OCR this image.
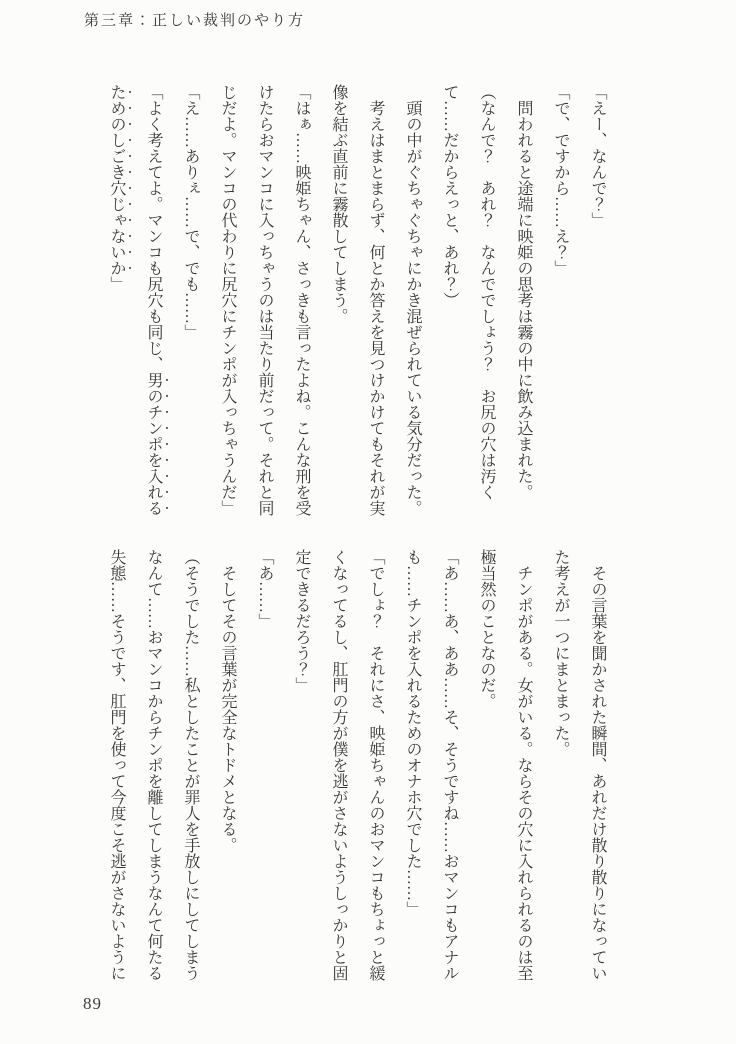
第三章：正しい裁判のやり方

「えー、なんで？」

「で、ですから……え？」

問われると途端に映姫の思考は霧の中に飲み込まれた。

（なんで？　あれ？　なんででしょう？　お尻の穴は汚くて……だからえっと、あれ？）

頭の中がぐちゃぐちゃにかき混ぜられている気分だった。

考えはまとまらず、何とか答えを見つけかけてもそれが実像を結ぶ直前に霧散してしまう。

「はぁ……映姫ちゃん、さっきも言ったよね。こんな刑を受けたらおマンコに入っちゃうのは当たり前だって。それと同じだよ。マンコの代わりに尻穴にチンポが入っちゃうんだ」

「え……ありぇ……で、でも……」

「よく考えてよ。マンコも尻穴も同じ、男のチンポを入れるためのしごき穴じゃないか」

その言葉を聞かされた瞬間、あれだけ散り散りになっていた考えが一つにまとまった。

チンポがある。女がいる。ならその穴に入れられるのは至極当然のことなのだ。

「あ……あ、ああ……そ、そうですね……おマンコもアナルも……チンポを入れるためのオナホ穴でした……」

「でしょ？　それにさ、映姫ちゃんのおマンコもちょっと緩くなってるし、肛門の方が僕を逃がさないようしっかりと固定できるだろう？」

「あ……」

そしてその言葉が完全なトドメとなる。

（そうでした……私としたことが罪人を手放しにしてしまうなんて……おマンコからチンポを離してしまうなんて何たる失態……そうです、肛門を使って今度こそ逃がさないように

89
